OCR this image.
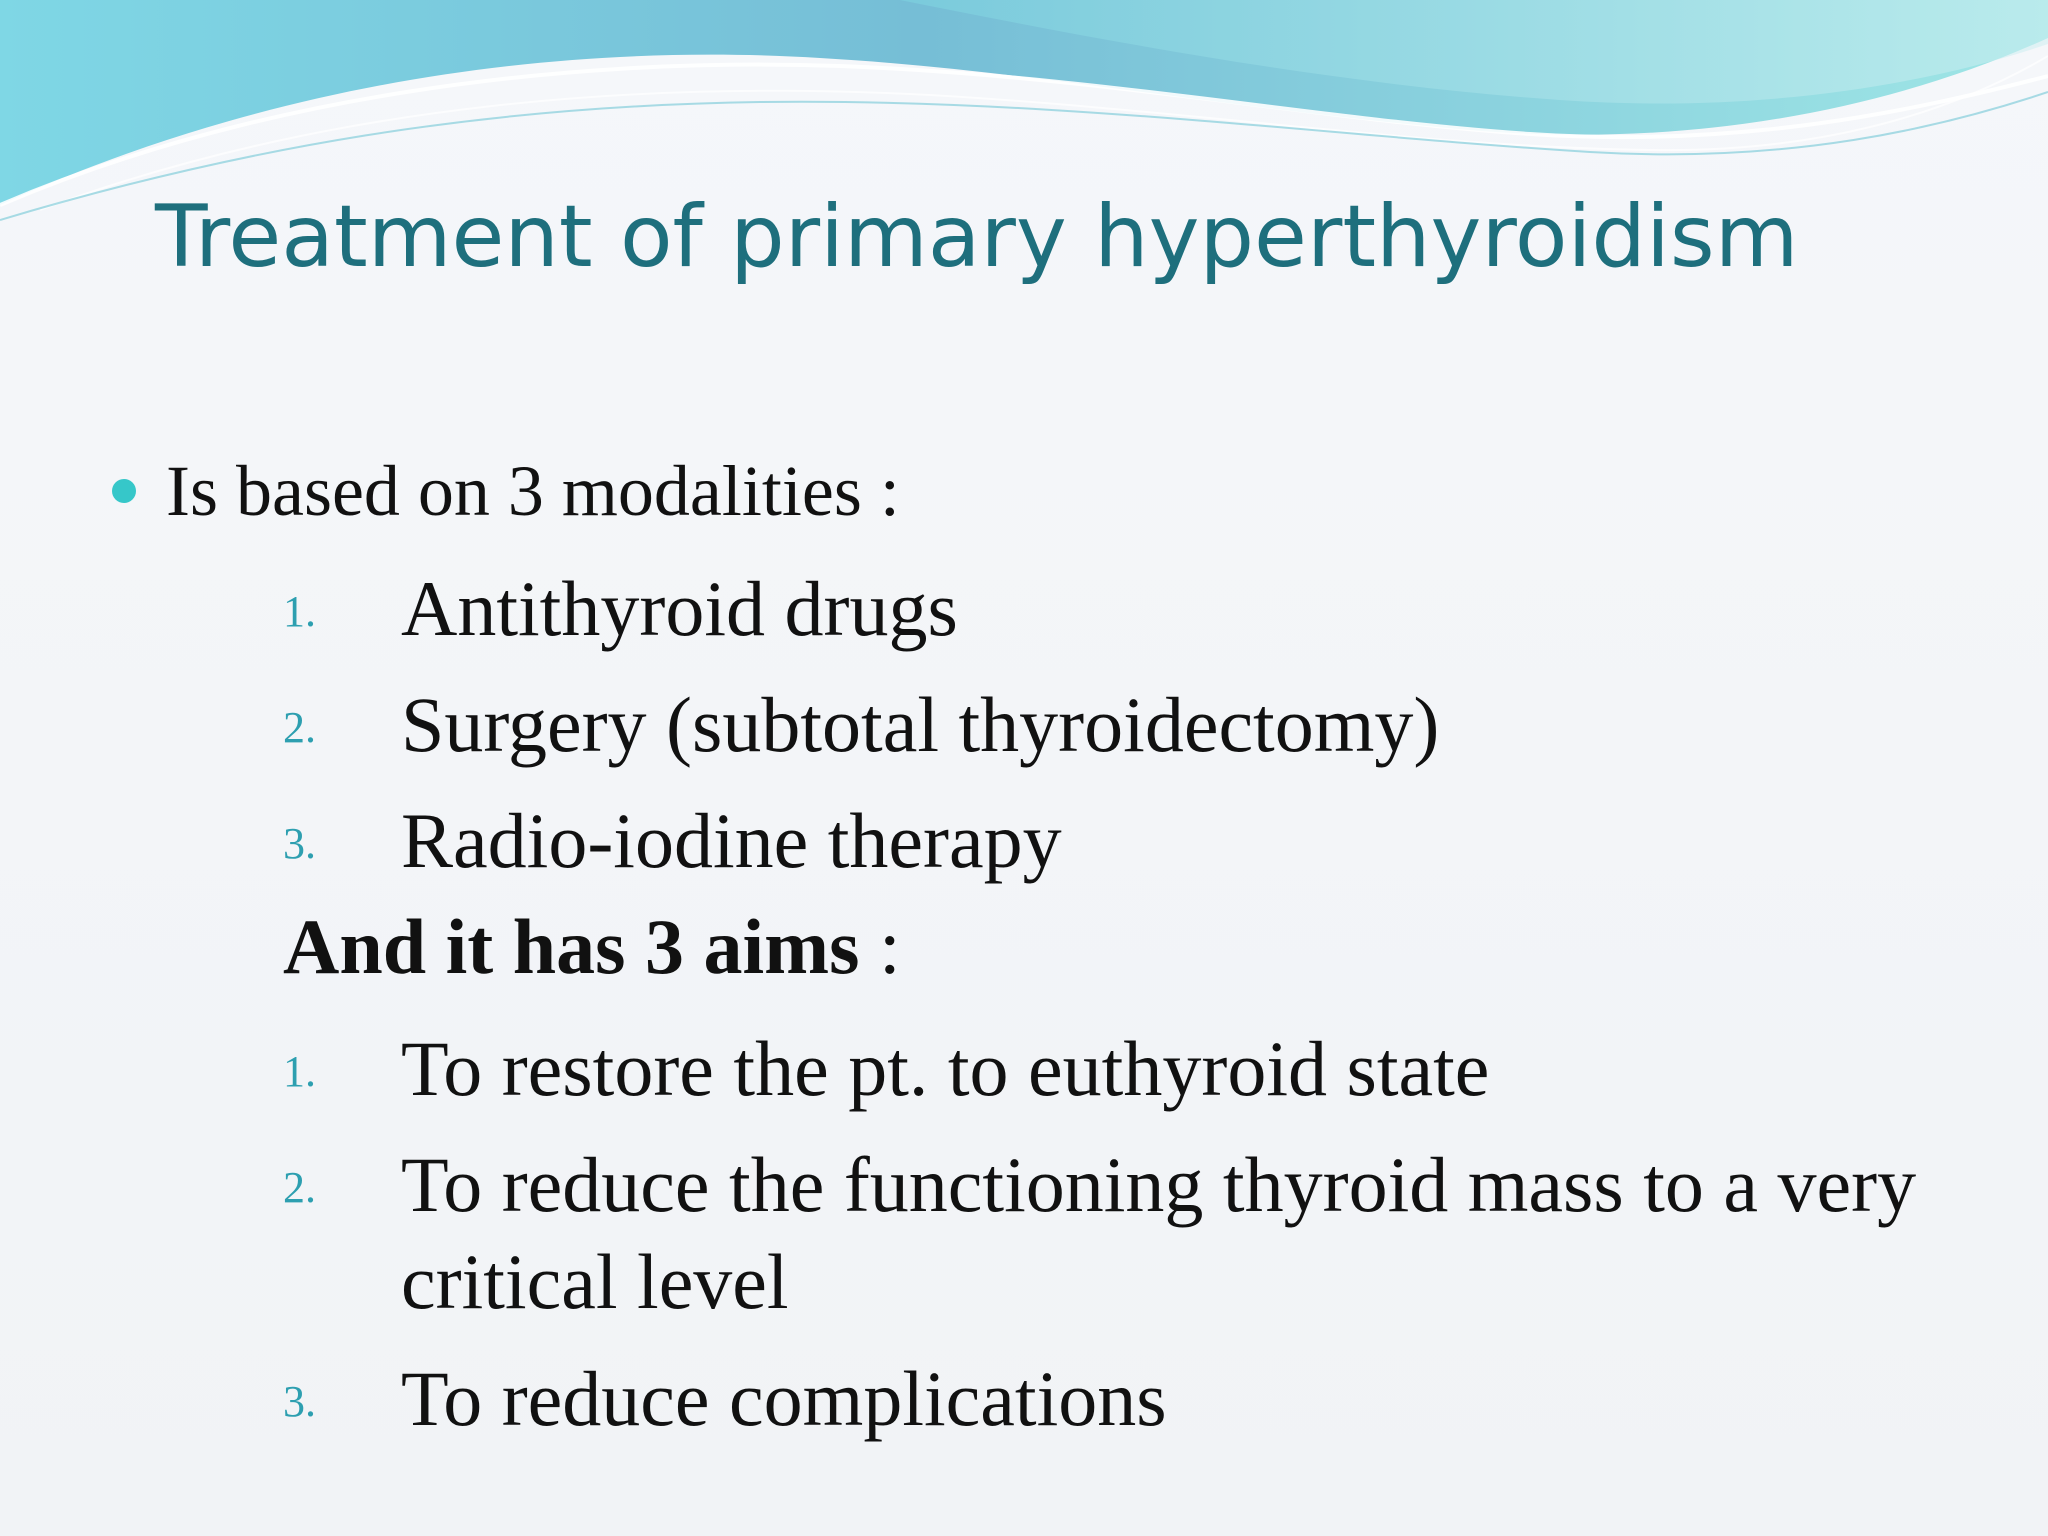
Treatment of primary hyperthyroidism
Is based on 3 modalities :
1.	Antithyroid drugs
2.	Surgery (subtotal thyroidectomy)
3.	Radio-iodine therapy
And it has 3 aims :
1.	To restore the pt. to euthyroid state
2.	To reduce the functioning thyroid mass to a very critical level
3.	To reduce complications
